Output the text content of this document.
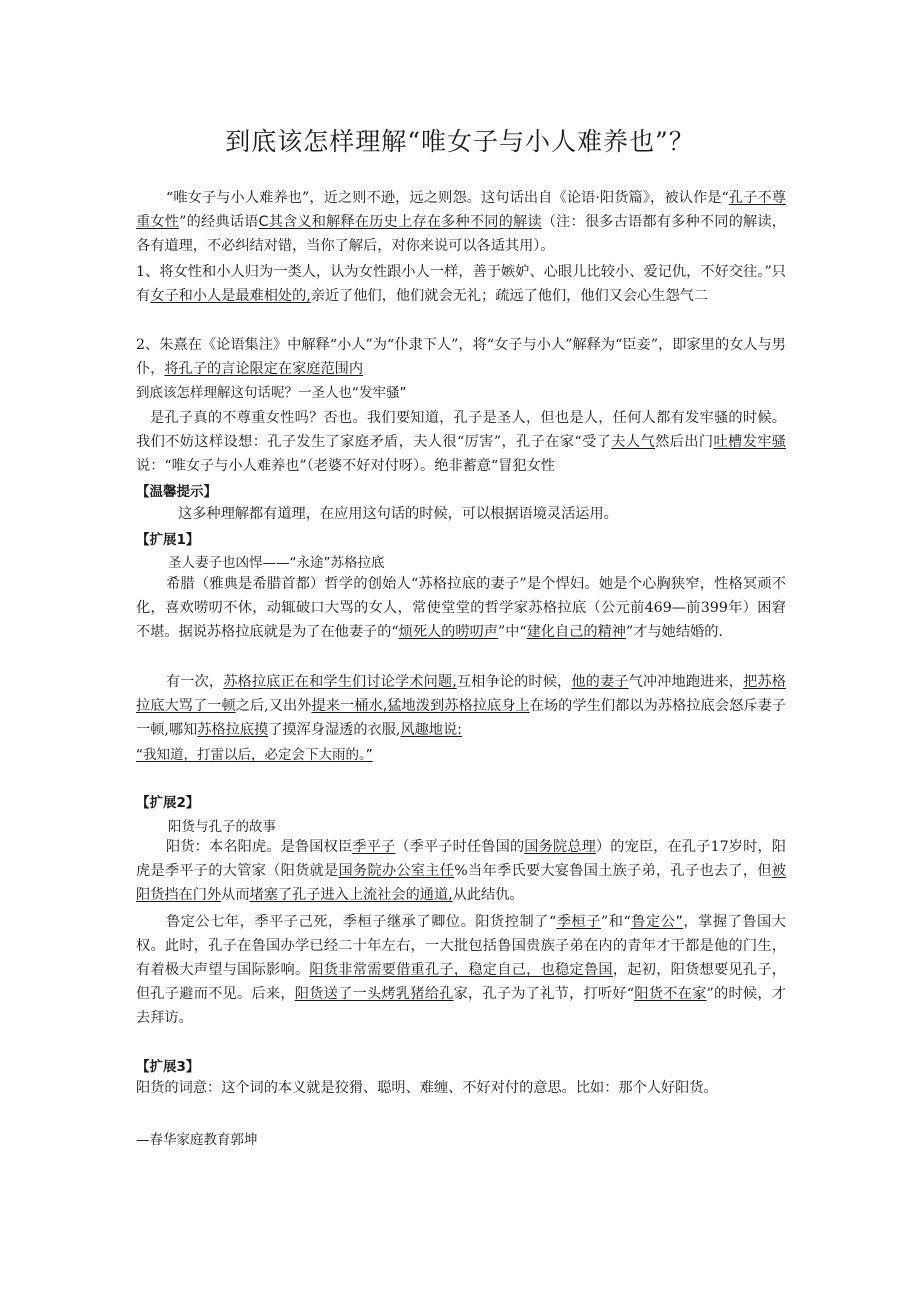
到底该怎样理解“唯女子与小人难养也”？
“唯女子与小人难养也”，近之则不逊，远之则怨。这句话出自《论语·阳货篇》，被认作是“孔子不尊重女性”的经典话语C其含义和解释在历史上存在多种不同的解读（注：很多古语都有多种不同的解读，各有道理，不必纠结对错，当你了解后，对你来说可以各适其用）。
1、将女性和小人归为一类人，认为女性跟小人一样，善于嫉妒、心眼儿比较小、爱记仇，不好交往。”只有女子和小人是最难相处的,亲近了他们，他们就会无礼；疏远了他们，他们又会心生怨气二
2、朱熹在《论语集注》中解释“小人”为“仆隶下人”，将“女子与小人”解释为“臣妾”，即家里的女人与男仆，将孔子的言论限定在家庭范围内
到底该怎样理解这句话呢？一圣人也“发牢骚”
是孔子真的不尊重女性吗？否也。我们要知道，孔子是圣人，但也是人，任何人都有发牢骚的时候。我们不妨这样设想：孔子发生了家庭矛盾，夫人很“厉害”，孔子在家“受了夫人气然后出门吐槽发牢骚说：“唯女子与小人难养也”（老婆不好对付呀）。绝非蓄意“冒犯女性
【温馨提示】
这多种理解都有道理，在应用这句话的时候，可以根据语境灵活运用。
【扩展1】
圣人妻子也凶悍——“永途”苏格拉底
希腊（雅典是希腊首都）哲学的创始人“苏格拉底的妻子”是个悍妇。她是个心胸狭窄，性格冥顽不化，喜欢唠叨不休，动辄破口大骂的女人，常使堂堂的哲学家苏格拉底（公元前469—前399年）困窘不堪。据说苏格拉底就是为了在他妻子的“烦死人的唠叨声”中“建化自己的精神”才与她结婚的.
有一次，苏格拉底正在和学生们讨论学术问题,互相争论的时候，他的妻子气冲冲地跑进来，把苏格拉底大骂了一顿之后,又出外提来一桶水,猛地泼到苏格拉底身上在场的学生们都以为苏格拉底会怒斥妻子一顿,哪知苏格拉底摸了摸浑身湿透的衣服,风趣地说:
“我知道，打雷以后，必定会下大雨的。”
【扩展2】
阳货与孔子的故事
阳货：本名阳虎。是鲁国权臣季平子（季平子时任鲁国的国务院总理）的宠臣，在孔子17岁时，阳虎是季平子的大管家（阳货就是国务院办公室主任%当年季氏要大宴鲁国土族子弟，孔子也去了，但被阳货挡在门外从而堵塞了孔子进入上流社会的通道,从此结仇。
鲁定公七年，季平子己死，季桓子继承了卿位。阳货控制了“季桓子”和“鲁定公”，掌握了鲁国大权。此时，孔子在鲁国办学已经二十年左右，一大批包括鲁国贵族子弟在内的青年才干都是他的门生，有着极大声望与国际影响。阳货非常需要借重孔子，稳定自己，也稳定鲁国，起初，阳货想要见孔子，但孔子避而不见。后来，阳货送了一头烤乳猪给孔家，孔子为了礼节，打听好“阳货不在家”的时候，才去拜访。
【扩展3】
阳货的词意：这个词的本义就是狡猾、聪明、难缠、不好对付的意思。比如：那个人好阳货。
—春华家庭教育郭坤
